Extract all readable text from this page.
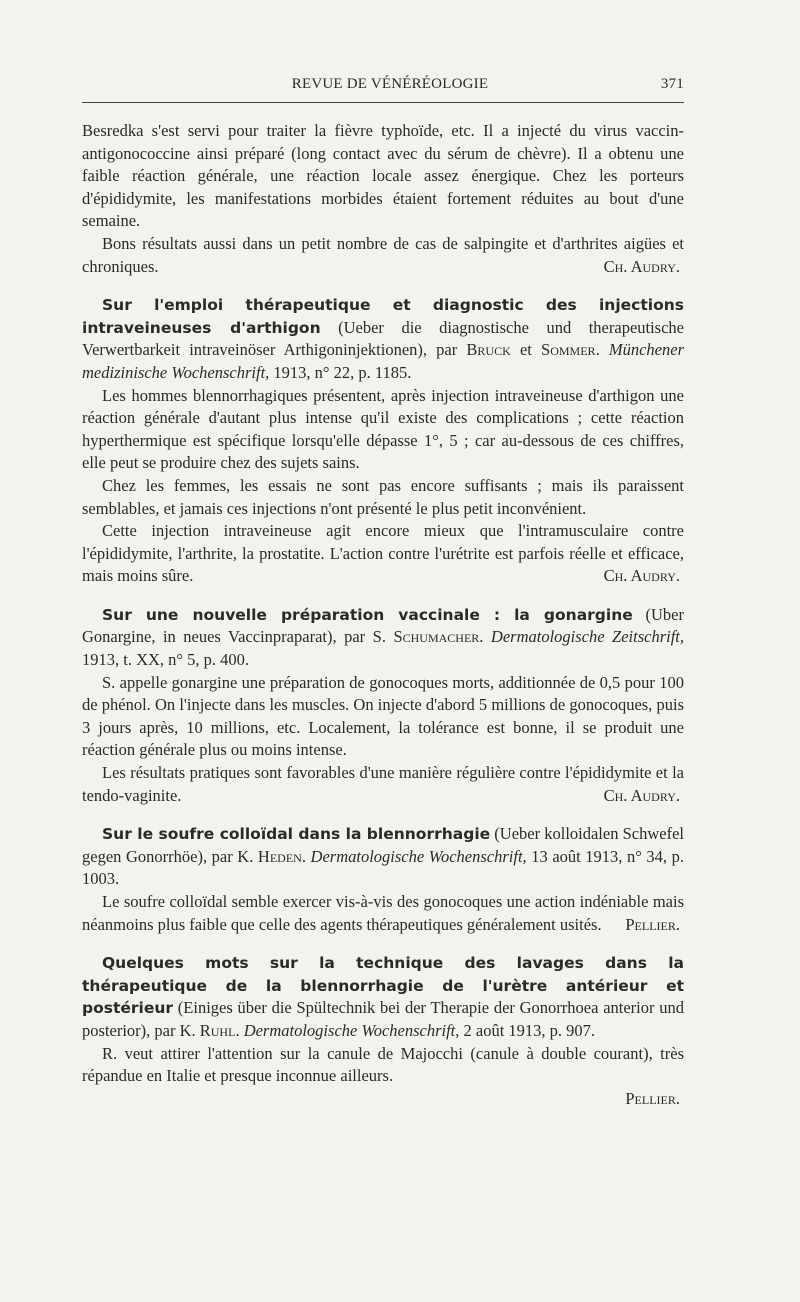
REVUE DE VÉNÉRÉOLOGIE	371

Besredka s'est servi pour traiter la fièvre typhoïde, etc. Il a injecté du virus vaccin-antigonococcine ainsi préparé (long contact avec du sérum de chèvre). Il a obtenu une faible réaction générale, une réaction locale assez énergique. Chez les porteurs d'épididymite, les manifestations morbides étaient fortement réduites au bout d'une semaine.

Bons résultats aussi dans un petit nombre de cas de salpingite et d'arthrites aigües et chroniques.	Ch. Audry.

Sur l'emploi thérapeutique et diagnostic des injections intraveineuses d'arthigon (Ueber die diagnostische und therapeutische Verwertbarkeit intraveinöser Arthigoninjektionen), par Bruck et Sommer. Münchener medizinische Wochenschrift, 1913, n° 22, p. 1185.

Les hommes blennorrhagiques présentent, après injection intraveineuse d'arthigon une réaction générale d'autant plus intense qu'il existe des complications ; cette réaction hyperthermique est spécifique lorsqu'elle dépasse 1°, 5 ; car au-dessous de ces chiffres, elle peut se produire chez des sujets sains.

Chez les femmes, les essais ne sont pas encore suffisants ; mais ils paraissent semblables, et jamais ces injections n'ont présenté le plus petit inconvénient.

Cette injection intraveineuse agit encore mieux que l'intramusculaire contre l'épididymite, l'arthrite, la prostatite. L'action contre l'urétrite est parfois réelle et efficace, mais moins sûre.	Ch. Audry.

Sur une nouvelle préparation vaccinale : la gonargine (Uber Gonargine, in neues Vaccinpraparat), par S. Schumacher. Dermatologische Zeitschrift, 1913, t. XX, n° 5, p. 400.

S. appelle gonargine une préparation de gonocoques morts, additionnée de 0,5 pour 100 de phénol. On l'injecte dans les muscles. On injecte d'abord 5 millions de gonocoques, puis 3 jours après, 10 millions, etc. Localement, la tolérance est bonne, il se produit une réaction générale plus ou moins intense.

Les résultats pratiques sont favorables d'une manière régulière contre l'épididymite et la tendo-vaginite.	Ch. Audry.

Sur le soufre colloïdal dans la blennorrhagie (Ueber kolloidalen Schwefel gegen Gonorrhöe), par K. Heden. Dermatologische Wochenschrift, 13 août 1913, n° 34, p. 1003.

Le soufre colloïdal semble exercer vis-à-vis des gonocoques une action indéniable mais néanmoins plus faible que celle des agents thérapeutiques généralement usités.	Pellier.

Quelques mots sur la technique des lavages dans la thérapeutique de la blennorrhagie de l'urètre antérieur et postérieur (Einiges über die Spültechnik bei der Therapie der Gonorrhoea anterior und posterior), par K. Ruhl. Dermatologische Wochenschrift, 2 août 1913, p. 907.

R. veut attirer l'attention sur la canule de Majocchi (canule à double courant), très répandue en Italie et presque inconnue ailleurs.

Pellier.
